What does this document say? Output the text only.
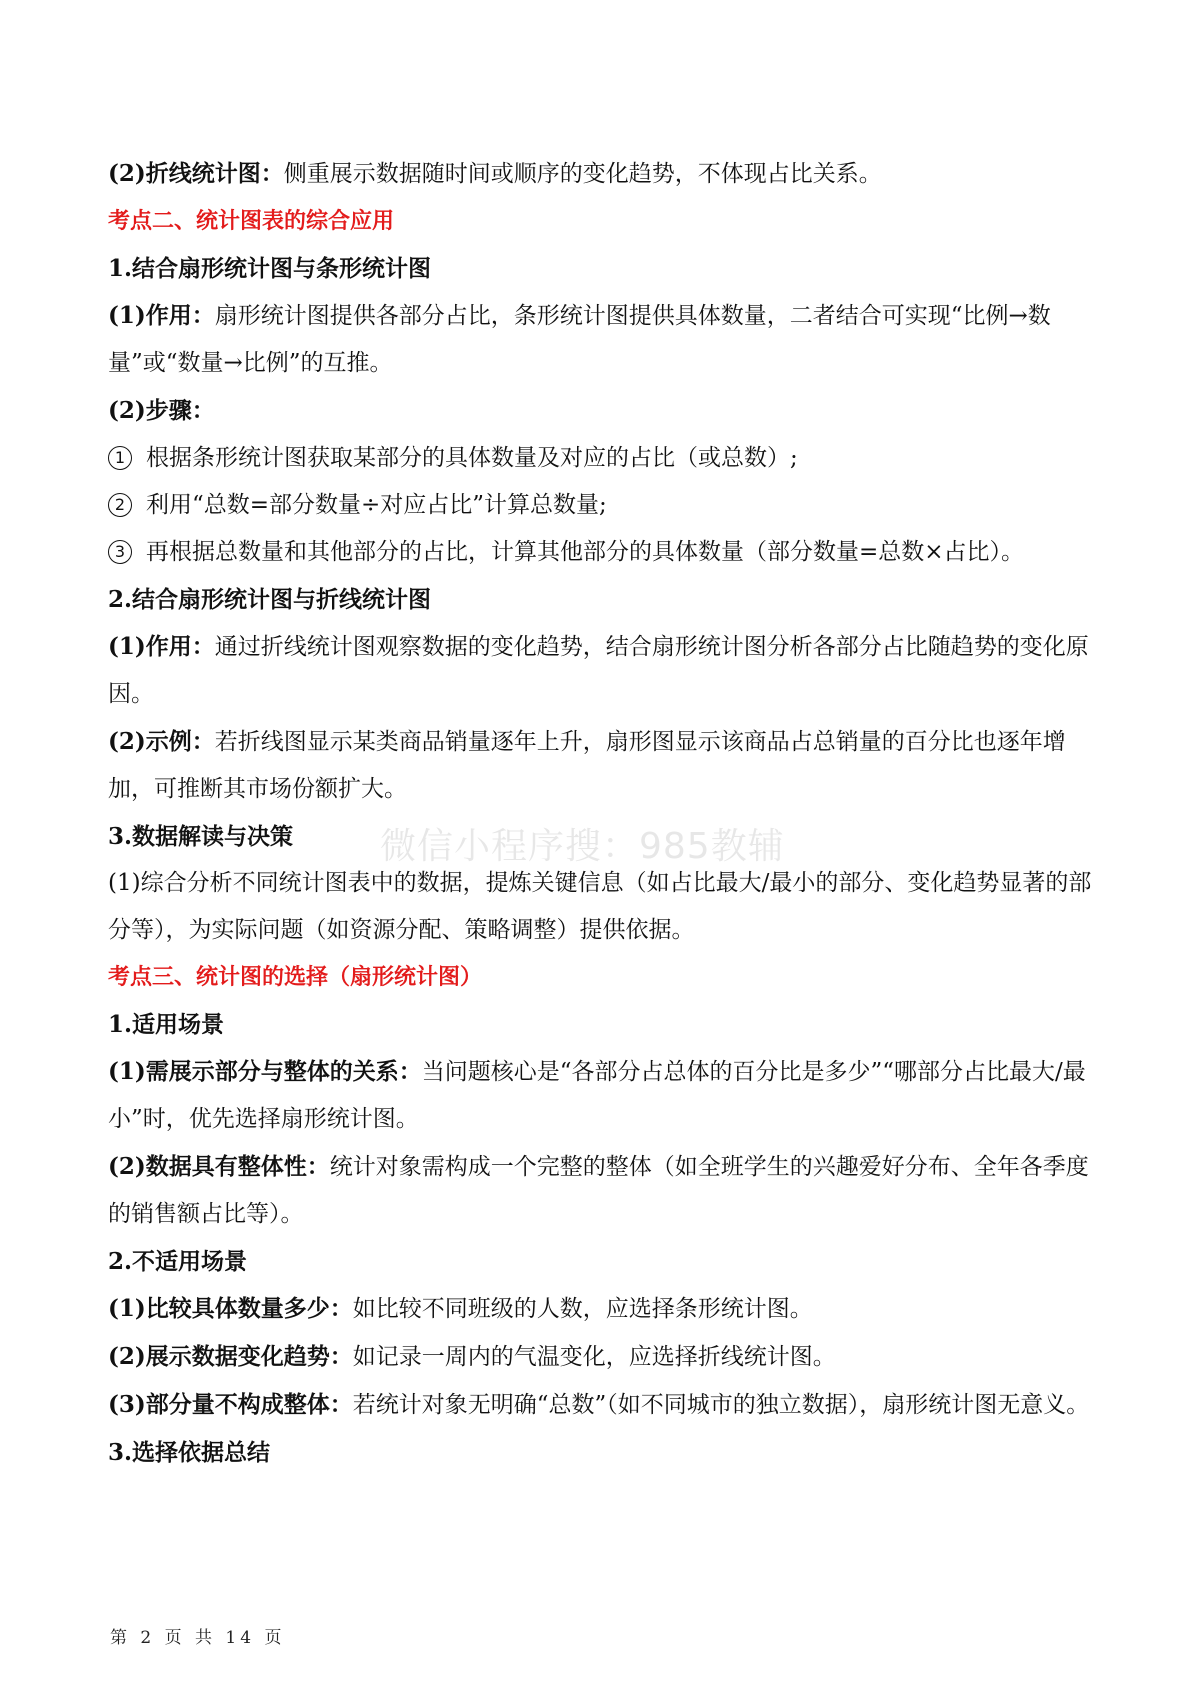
(2)折线统计图：侧重展示数据随时间或顺序的变化趋势，不体现占比关系。
考点二、统计图表的综合应用
1.结合扇形统计图与条形统计图
(1)作用：扇形统计图提供各部分占比，条形统计图提供具体数量，二者结合可实现“比例→数量”或“数量→比例”的互推。
(2)步骤：
1 根据条形统计图获取某部分的具体数量及对应的占比（或总数）;
2 利用“总数=部分数量÷对应占比”计算总数量;
3 再根据总数量和其他部分的占比，计算其他部分的具体数量（部分数量=总数×占比）。
2.结合扇形统计图与折线统计图
(1)作用：通过折线统计图观察数据的变化趋势，结合扇形统计图分析各部分占比随趋势的变化原因。
(2)示例：若折线图显示某类商品销量逐年上升，扇形图显示该商品占总销量的百分比也逐年增加，可推断其市场份额扩大。
3.数据解读与决策
(1)综合分析不同统计图表中的数据，提炼关键信息（如占比最大/最小的部分、变化趋势显著的部分等），为实际问题（如资源分配、策略调整）提供依据。
考点三、统计图的选择（扇形统计图）
1.适用场景
(1)需展示部分与整体的关系：当问题核心是“各部分占总体的百分比是多少”“哪部分占比最大/最小”时，优先选择扇形统计图。
(2)数据具有整体性：统计对象需构成一个完整的整体（如全班学生的兴趣爱好分布、全年各季度的销售额占比等）。
2.不适用场景
(1)比较具体数量多少：如比较不同班级的人数，应选择条形统计图。
(2)展示数据变化趋势：如记录一周内的气温变化，应选择折线统计图。
(3)部分量不构成整体：若统计对象无明确“总数”（如不同城市的独立数据），扇形统计图无意义。
3.选择依据总结
微信小程序搜：985教辅
第 2 页 共 14 页
